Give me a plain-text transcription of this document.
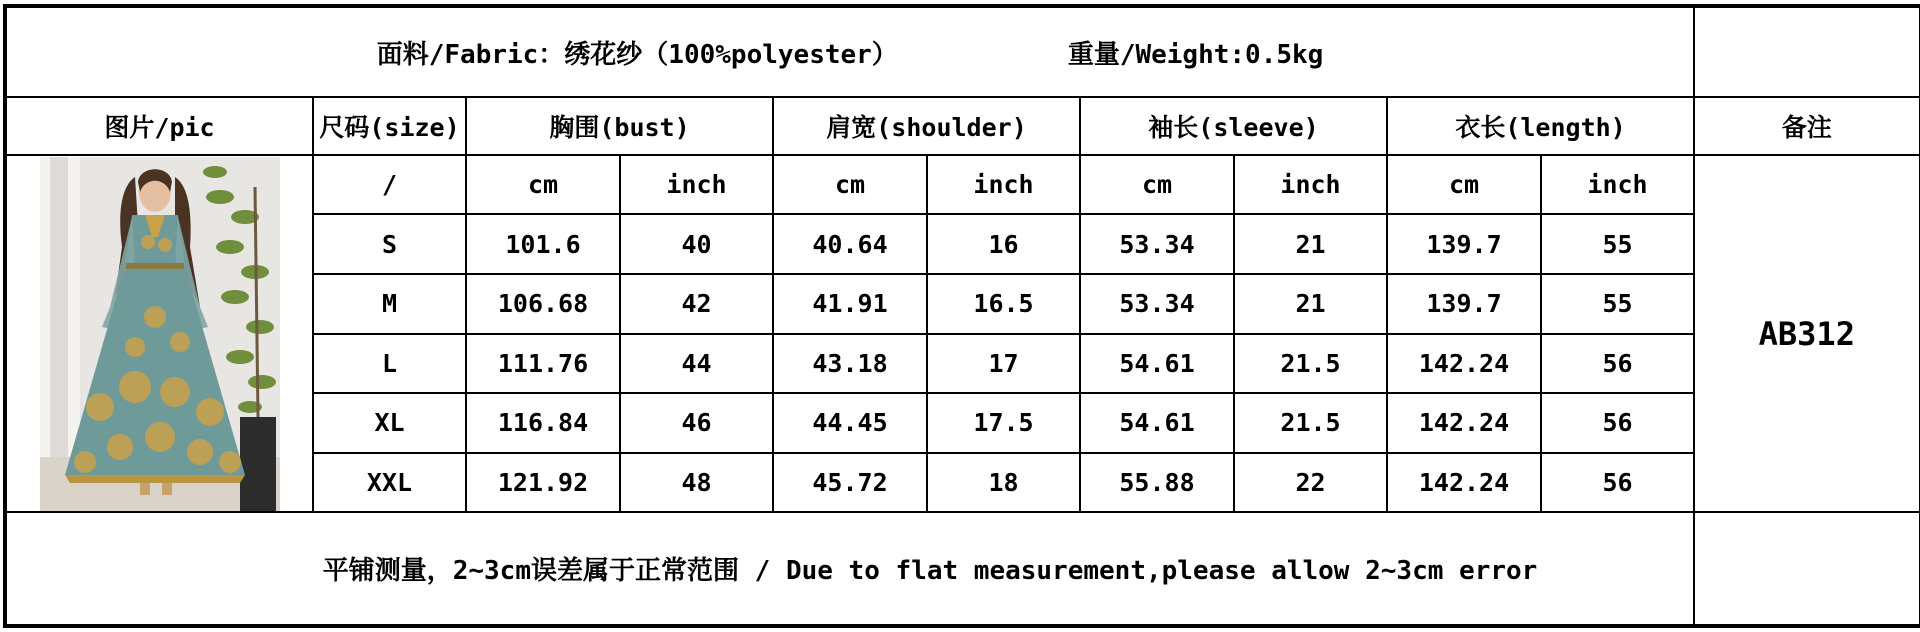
面料/Fabric：绣花纱（100%polyester） 重量/Weight:0.5kg										
图片/pic	尺码(size)	胸围(bust)		肩宽(shoulder)		袖长(sleeve)		衣长(length)		备注

	/	cm	inch	cm	inch	cm	inch	cm	inch	AB312
	S	101.6	40	40.64	16	53.34	21	139.7	55	
	M	106.68	42	41.91	16.5	53.34	21	139.7	55	
	L	111.76	44	43.18	17	54.61	21.5	142.24	56	
	XL	116.84	46	44.45	17.5	54.61	21.5	142.24	56	
	XXL	121.92	48	45.72	18	55.88	22	142.24	56	
平铺测量，2~3cm误差属于正常范围 / Due to flat measurement,please allow 2~3cm error										
